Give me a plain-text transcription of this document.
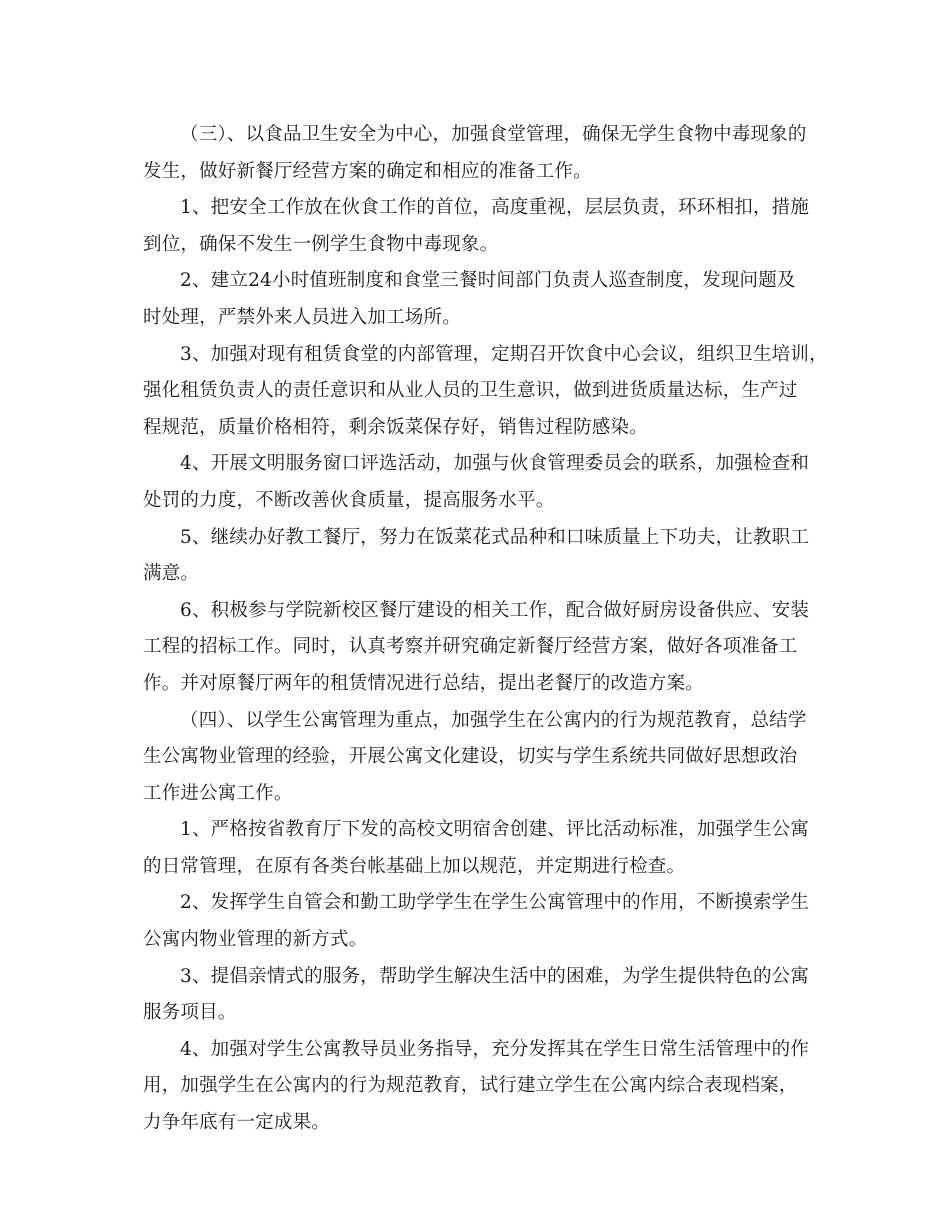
（三）、以食品卫生安全为中心，加强食堂管理，确保无学生食物中毒现象的
发生，做好新餐厅经营方案的确定和相应的准备工作。
1、把安全工作放在伙食工作的首位，高度重视，层层负责，环环相扣，措施
到位，确保不发生一例学生食物中毒现象。
2、建立24小时值班制度和食堂三餐时间部门负责人巡查制度，发现问题及
时处理，严禁外来人员进入加工场所。
3、加强对现有租赁食堂的内部管理，定期召开饮食中心会议，组织卫生培训，
强化租赁负责人的责任意识和从业人员的卫生意识，做到进货质量达标，生产过
程规范，质量价格相符，剩余饭菜保存好，销售过程防感染。
4、开展文明服务窗口评选活动，加强与伙食管理委员会的联系，加强检查和
处罚的力度，不断改善伙食质量，提高服务水平。
5、继续办好教工餐厅，努力在饭菜花式品种和口味质量上下功夫，让教职工
满意。
6、积极参与学院新校区餐厅建设的相关工作，配合做好厨房设备供应、安装
工程的招标工作。同时，认真考察并研究确定新餐厅经营方案，做好各项准备工
作。并对原餐厅两年的租赁情况进行总结，提出老餐厅的改造方案。
（四）、以学生公寓管理为重点，加强学生在公寓内的行为规范教育，总结学
生公寓物业管理的经验，开展公寓文化建设，切实与学生系统共同做好思想政治
工作进公寓工作。
1、严格按省教育厅下发的高校文明宿舍创建、评比活动标准，加强学生公寓
的日常管理，在原有各类台帐基础上加以规范，并定期进行检查。
2、发挥学生自管会和勤工助学学生在学生公寓管理中的作用，不断摸索学生
公寓内物业管理的新方式。
3、提倡亲情式的服务，帮助学生解决生活中的困难，为学生提供特色的公寓
服务项目。
4、加强对学生公寓教导员业务指导，充分发挥其在学生日常生活管理中的作
用，加强学生在公寓内的行为规范教育，试行建立学生在公寓内综合表现档案，
力争年底有一定成果。
